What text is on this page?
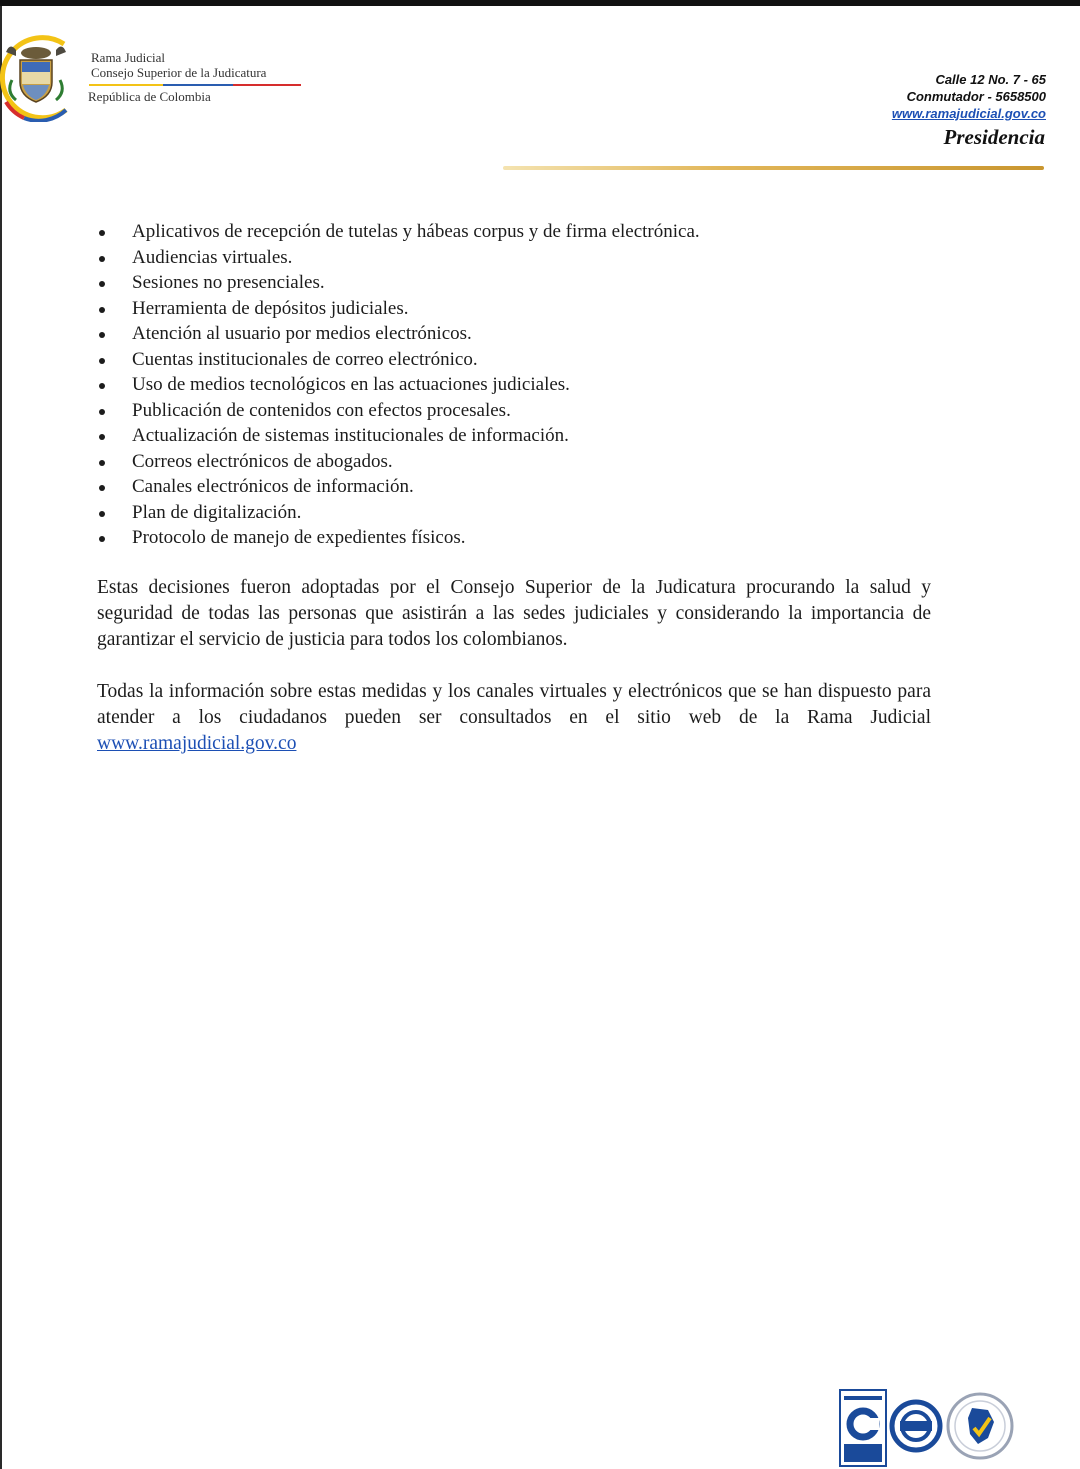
Rama Judicial
Consejo Superior de la Judicatura
República de Colombia
Calle 12 No. 7 - 65
Conmutador - 5658500
www.ramajudicial.gov.co
Presidencia
Aplicativos de recepción de tutelas y hábeas corpus y de firma electrónica.
Audiencias virtuales.
Sesiones no presenciales.
Herramienta de depósitos judiciales.
Atención al usuario por medios electrónicos.
Cuentas institucionales de correo electrónico.
Uso de medios tecnológicos en las actuaciones judiciales.
Publicación de contenidos con efectos procesales.
Actualización de sistemas institucionales de información.
Correos electrónicos de abogados.
Canales electrónicos de información.
Plan de digitalización.
Protocolo de manejo de expedientes físicos.

Estas decisiones fueron adoptadas por el Consejo Superior de la Judicatura procurando la salud y seguridad de todas las personas que asistirán a las sedes judiciales y considerando la importancia de garantizar el servicio de justicia para todos los colombianos.

Todas la información sobre estas medidas y los canales virtuales y electrónicos que se han dispuesto para atender a los ciudadanos pueden ser consultados en el sitio web de la Rama Judicial www.ramajudicial.gov.co
